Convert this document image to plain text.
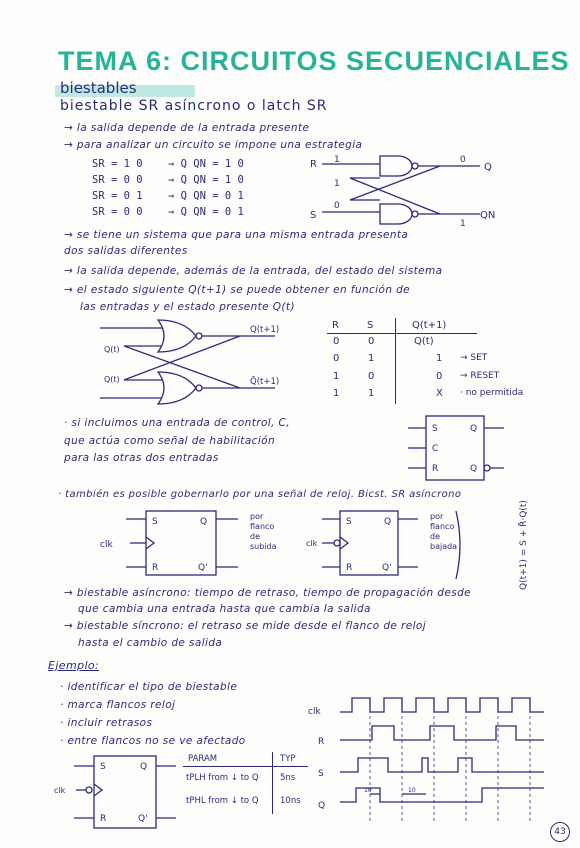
TEMA 6: CIRCUITOS SECUENCIALES
biestables
biestable SR asíncrono o latch SR
→ la salida depende de la entrada presente
→ para analizar un circuito se impone una estrategia
SR = 1 0 → Q QN = 1 0
SR = 0 0 → Q QN = 1 0
SR = 0 1 → Q QN = 0 1
SR = 0 0 → Q QN = 0 1
R
S
Q
QN
1
1
0
0
1
→ se tiene un sistema que para una misma entrada presenta
dos salidas diferentes
→ la salida depende, además de la entrada, del estado del sistema
→ el estado siguiente Q(t+1) se puede obtener en función de
las entradas y el estado presente Q(t)
Q(t)
Q(t)
Q(t+1)
Q̄(t+1)
R	S	Q(t+1)
0	0	Q(t)
0	1	1 → SET
1	0	0 → RESET
1	1	X · no permitida
· si incluimos una entrada de control, C,
que actúa como señal de habilitación
para las otras dos entradas
S
C
R
Q
Q
· también es posible gobernarlo por una señal de reloj. Bicst. SR asíncrono
S
R
Q
Q'
clk
por
flanco
de
subida
S
R
Q
Q'
clk
por
flanco
de
bajada	Q(t+1) = S + R̄·Q(t)
→ biestable asíncrono: tiempo de retraso, tiempo de propagación desde
que cambia una entrada hasta que cambia la salida
→ biestable síncrono: el retraso se mide desde el flanco de reloj
hasta el cambio de salida
Ejemplo:
· identificar el tipo de biestable
· marca flancos reloj
· incluir retrasos
· entre flancos no se ve afectado
S
R
Q
Q'
clk
PARAM	TYP
tPLH from ↓ to Q	5ns
tPHL from ↓ to Q	10ns
clk
R
S
Q
10	10
43
